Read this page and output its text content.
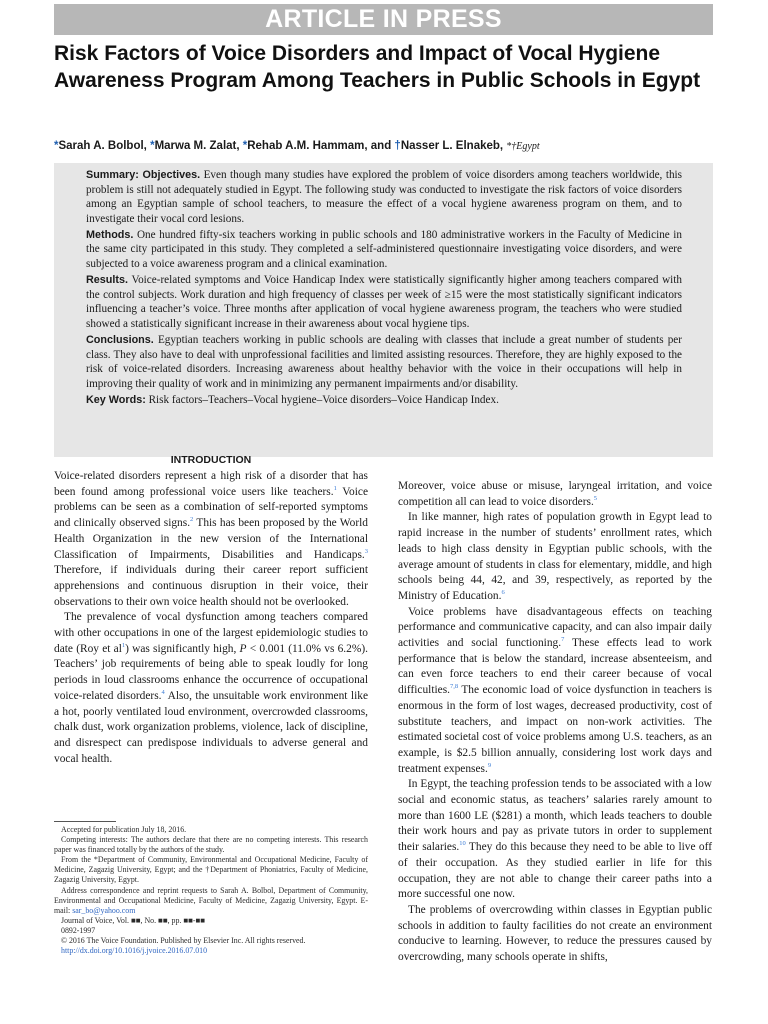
ARTICLE IN PRESS
Risk Factors of Voice Disorders and Impact of Vocal Hygiene Awareness Program Among Teachers in Public Schools in Egypt
*Sarah A. Bolbol, *Marwa M. Zalat, *Rehab A.M. Hammam, and †Nasser L. Elnakeb, *†Egypt

Summary: Objectives. Even though many studies have explored the problem of voice disorders among teachers worldwide, this problem is still not adequately studied in Egypt. The following study was conducted to investigate the risk factors of voice disorders among an Egyptian sample of school teachers, to measure the effect of a vocal hygiene awareness program on them, and to investigate their vocal cord lesions.

Methods. One hundred fifty-six teachers working in public schools and 180 administrative workers in the Faculty of Medicine in the same city participated in this study. They completed a self-administered questionnaire investigating voice disorders, and were subjected to a voice awareness program and a clinical examination.

Results. Voice-related symptoms and Voice Handicap Index were statistically significantly higher among teachers compared with the control subjects. Work duration and high frequency of classes per week of ≥15 were the most statistically significant indicators influencing a teacher’s voice. Three months after application of vocal hygiene awareness program, the teachers who were studied showed a statistically significant increase in their awareness about vocal hygiene tips.

Conclusions. Egyptian teachers working in public schools are dealing with classes that include a great number of students per class. They also have to deal with unprofessional facilities and limited assisting resources. Therefore, they are highly exposed to the risk of voice-related disorders. Increasing awareness about healthy behavior with the voice in their occupations will help in improving their quality of work and in minimizing any permanent impairments and/or disability.

Key Words: Risk factors–Teachers–Vocal hygiene–Voice disorders–Voice Handicap Index.

INTRODUCTION

Voice-related disorders represent a high risk of a disorder that has been found among professional voice users like teachers.$^1$ Voice problems can be seen as a combination of self-reported symptoms and clinically observed signs.$^2$ This has been proposed by the World Health Organization in the new version of the International Classification of Impairments, Disabilities and Handicaps.$^3$ Therefore, if individuals during their career report sufficient apprehensions and continuous disruption in their voice, their observations to their own voice health should not be overlooked.

The prevalence of vocal dysfunction among teachers compared with other occupations in one of the largest epidemiologic studies to date (Roy et $al^1$) was significantly high, P < 0.001 (11.0% vs 6.2%). Teachers’ job requirements of being able to speak loudly for long periods in loud classrooms enhance the occurrence of occupational voice-related disorders.$^4$ Also, the unsuitable work environment like a hot, poorly ventilated loud environment, overcrowded classrooms, chalk dust, work organization problems, violence, lack of discipline, and disrespect can predispose individuals to adverse general and vocal health.

Accepted for publication July 18, 2016.

Competing interests: The authors declare that there are no competing interests. This research paper was financed totally by the authors of the study.

From the *Department of Community, Environmental and Occupational Medicine, Faculty of Medicine, Zagazig University, Egypt; and the †Department of Phoniatrics, Faculty of Medicine, Zagazig University, Egypt.

Address correspondence and reprint requests to Sarah A. Bolbol, Department of Community, Environmental and Occupational Medicine, Faculty of Medicine, Zagazig University, Egypt. E-mail: sar_bo@yahoo.com

Journal of Voice, Vol. ■■, No. ■■, pp. ■■-■■

0892-1997

© 2016 The Voice Foundation. Published by Elsevier Inc. All rights reserved.

http://dx.doi.org/10.1016/j.jvoice.2016.07.010

Moreover, voice abuse or misuse, laryngeal irritation, and voice competition all can lead to voice disorders.$^5$

In like manner, high rates of population growth in Egypt lead to rapid increase in the number of students’ enrollment rates, which leads to high class density in Egyptian public schools, with the average amount of students in class for elementary, middle, and high schools being 44, 42, and 39, respectively, as reported by the Ministry of Education.$^6$

Voice problems have disadvantageous effects on teaching performance and communicative capacity, and can also impair daily activities and social functioning.$^7$ These effects lead to work performance that is below the standard, increase absenteeism, and can even force teachers to end their career because of vocal difficulties.$^{7,8}$ The economic load of voice dysfunction in teachers is enormous in the form of lost wages, decreased productivity, cost of substitute teachers, and impact on non-work activities. The estimated societal cost of voice problems among U.S. teachers, as an example, is $2.5 billion annually, considering lost work days and treatment expenses.$^9$

In Egypt, the teaching profession tends to be associated with a low social and economic status, as teachers’ salaries rarely amount to more than 1600 LE ($281) a month, which leads teachers to double their work hours and pay as private tutors in order to supplement their salaries.$^{10}$ They do this because they need to be able to live off of their occupation. As they studied earlier in life for this occupation, they are not able to change their career paths into a more successful one now.

The problems of overcrowding within classes in Egyptian public schools in addition to faulty facilities do not create an environment conducive to learning. However, to reduce the pressures caused by overcrowding, many schools operate in shifts,
